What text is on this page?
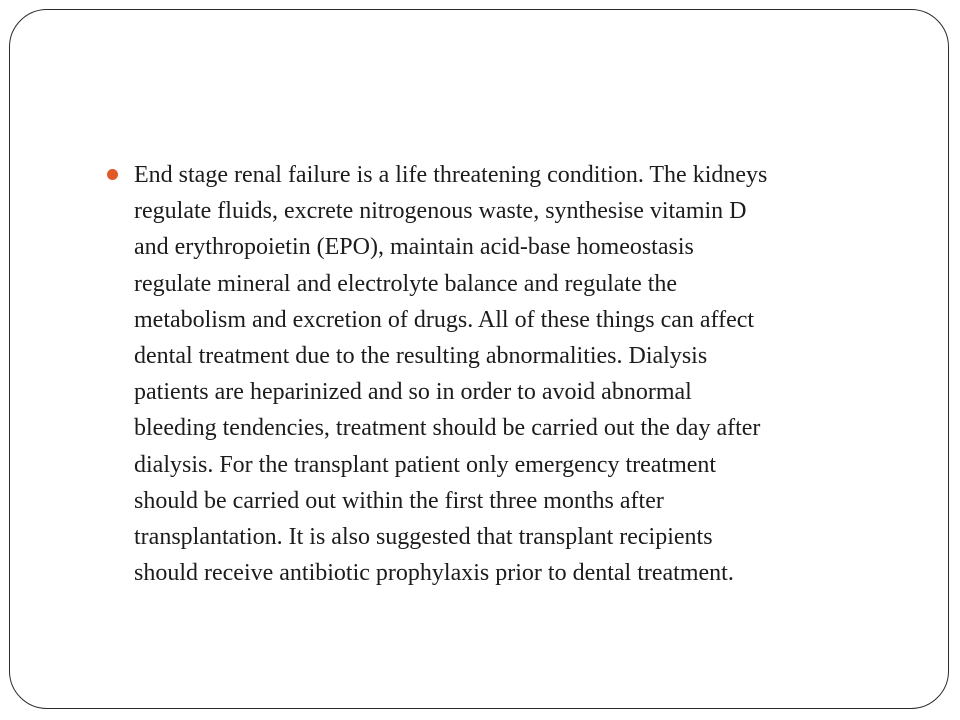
End stage renal failure is a life threatening condition. The kidneys
regulate fluids, excrete nitrogenous waste, synthesise vitamin D
and erythropoietin (EPO), maintain acid-base homeostasis
regulate mineral and electrolyte balance and regulate the
metabolism and excretion of drugs. All of these things can affect
dental treatment due to the resulting abnormalities. Dialysis
patients are heparinized and so in order to avoid abnormal
bleeding tendencies, treatment should be carried out the day after
dialysis. For the transplant patient only emergency treatment
should be carried out within the first three months after
transplantation. It is also suggested that transplant recipients
should receive antibiotic prophylaxis prior to dental treatment.
